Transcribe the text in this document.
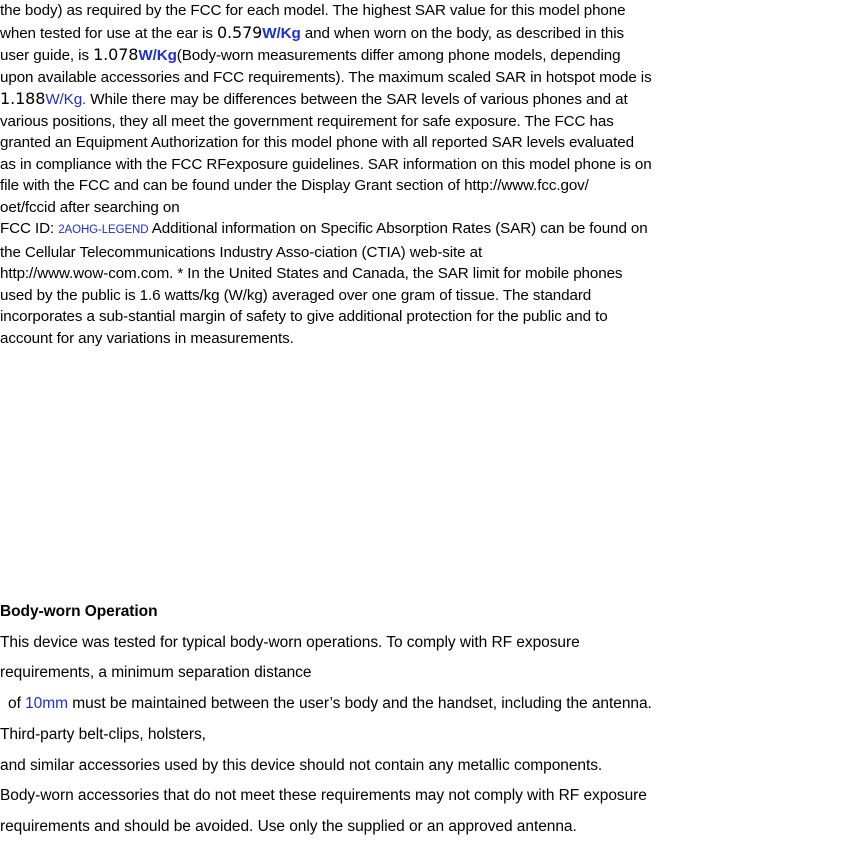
the body) as required by the FCC for each model. The highest SAR value for this model phone
when tested for use at the ear is 0.579W/Kg and when worn on the body, as described in this
user guide, is 1.078W/Kg(Body-worn measurements differ among phone models, depending
upon available accessories and FCC requirements). The maximum scaled SAR in hotspot mode is
1.188W/Kg. While there may be differences between the SAR levels of various phones and at
various positions, they all meet the government requirement for safe exposure. The FCC has
granted an Equipment Authorization for this model phone with all reported SAR levels evaluated
as in compliance with the FCC RFexposure guidelines. SAR information on this model phone is on
file with the FCC and can be found under the Display Grant section of http://www.fcc.gov/
oet/fccid after searching on
FCC ID: 2AOHG-LEGEND Additional information on Specific Absorption Rates (SAR) can be found on
the Cellular Telecommunications Industry Asso-ciation (CTIA) web-site at
http://www.wow-com.com. * In the United States and Canada, the SAR limit for mobile phones
used by the public is 1.6 watts/kg (W/kg) averaged over one gram of tissue. The standard
incorporates a sub-stantial margin of safety to give additional protection for the public and to
account for any variations in measurements.
Body-worn Operation
This device was tested for typical body-worn operations. To comply with RF exposure
requirements, a minimum separation distance
of 10mm must be maintained between the user’s body and the handset, including the antenna.
Third-party belt-clips, holsters,
and similar accessories used by this device should not contain any metallic components.
Body-worn accessories that do not meet these requirements may not comply with RF exposure
requirements and should be avoided. Use only the supplied or an approved antenna.
